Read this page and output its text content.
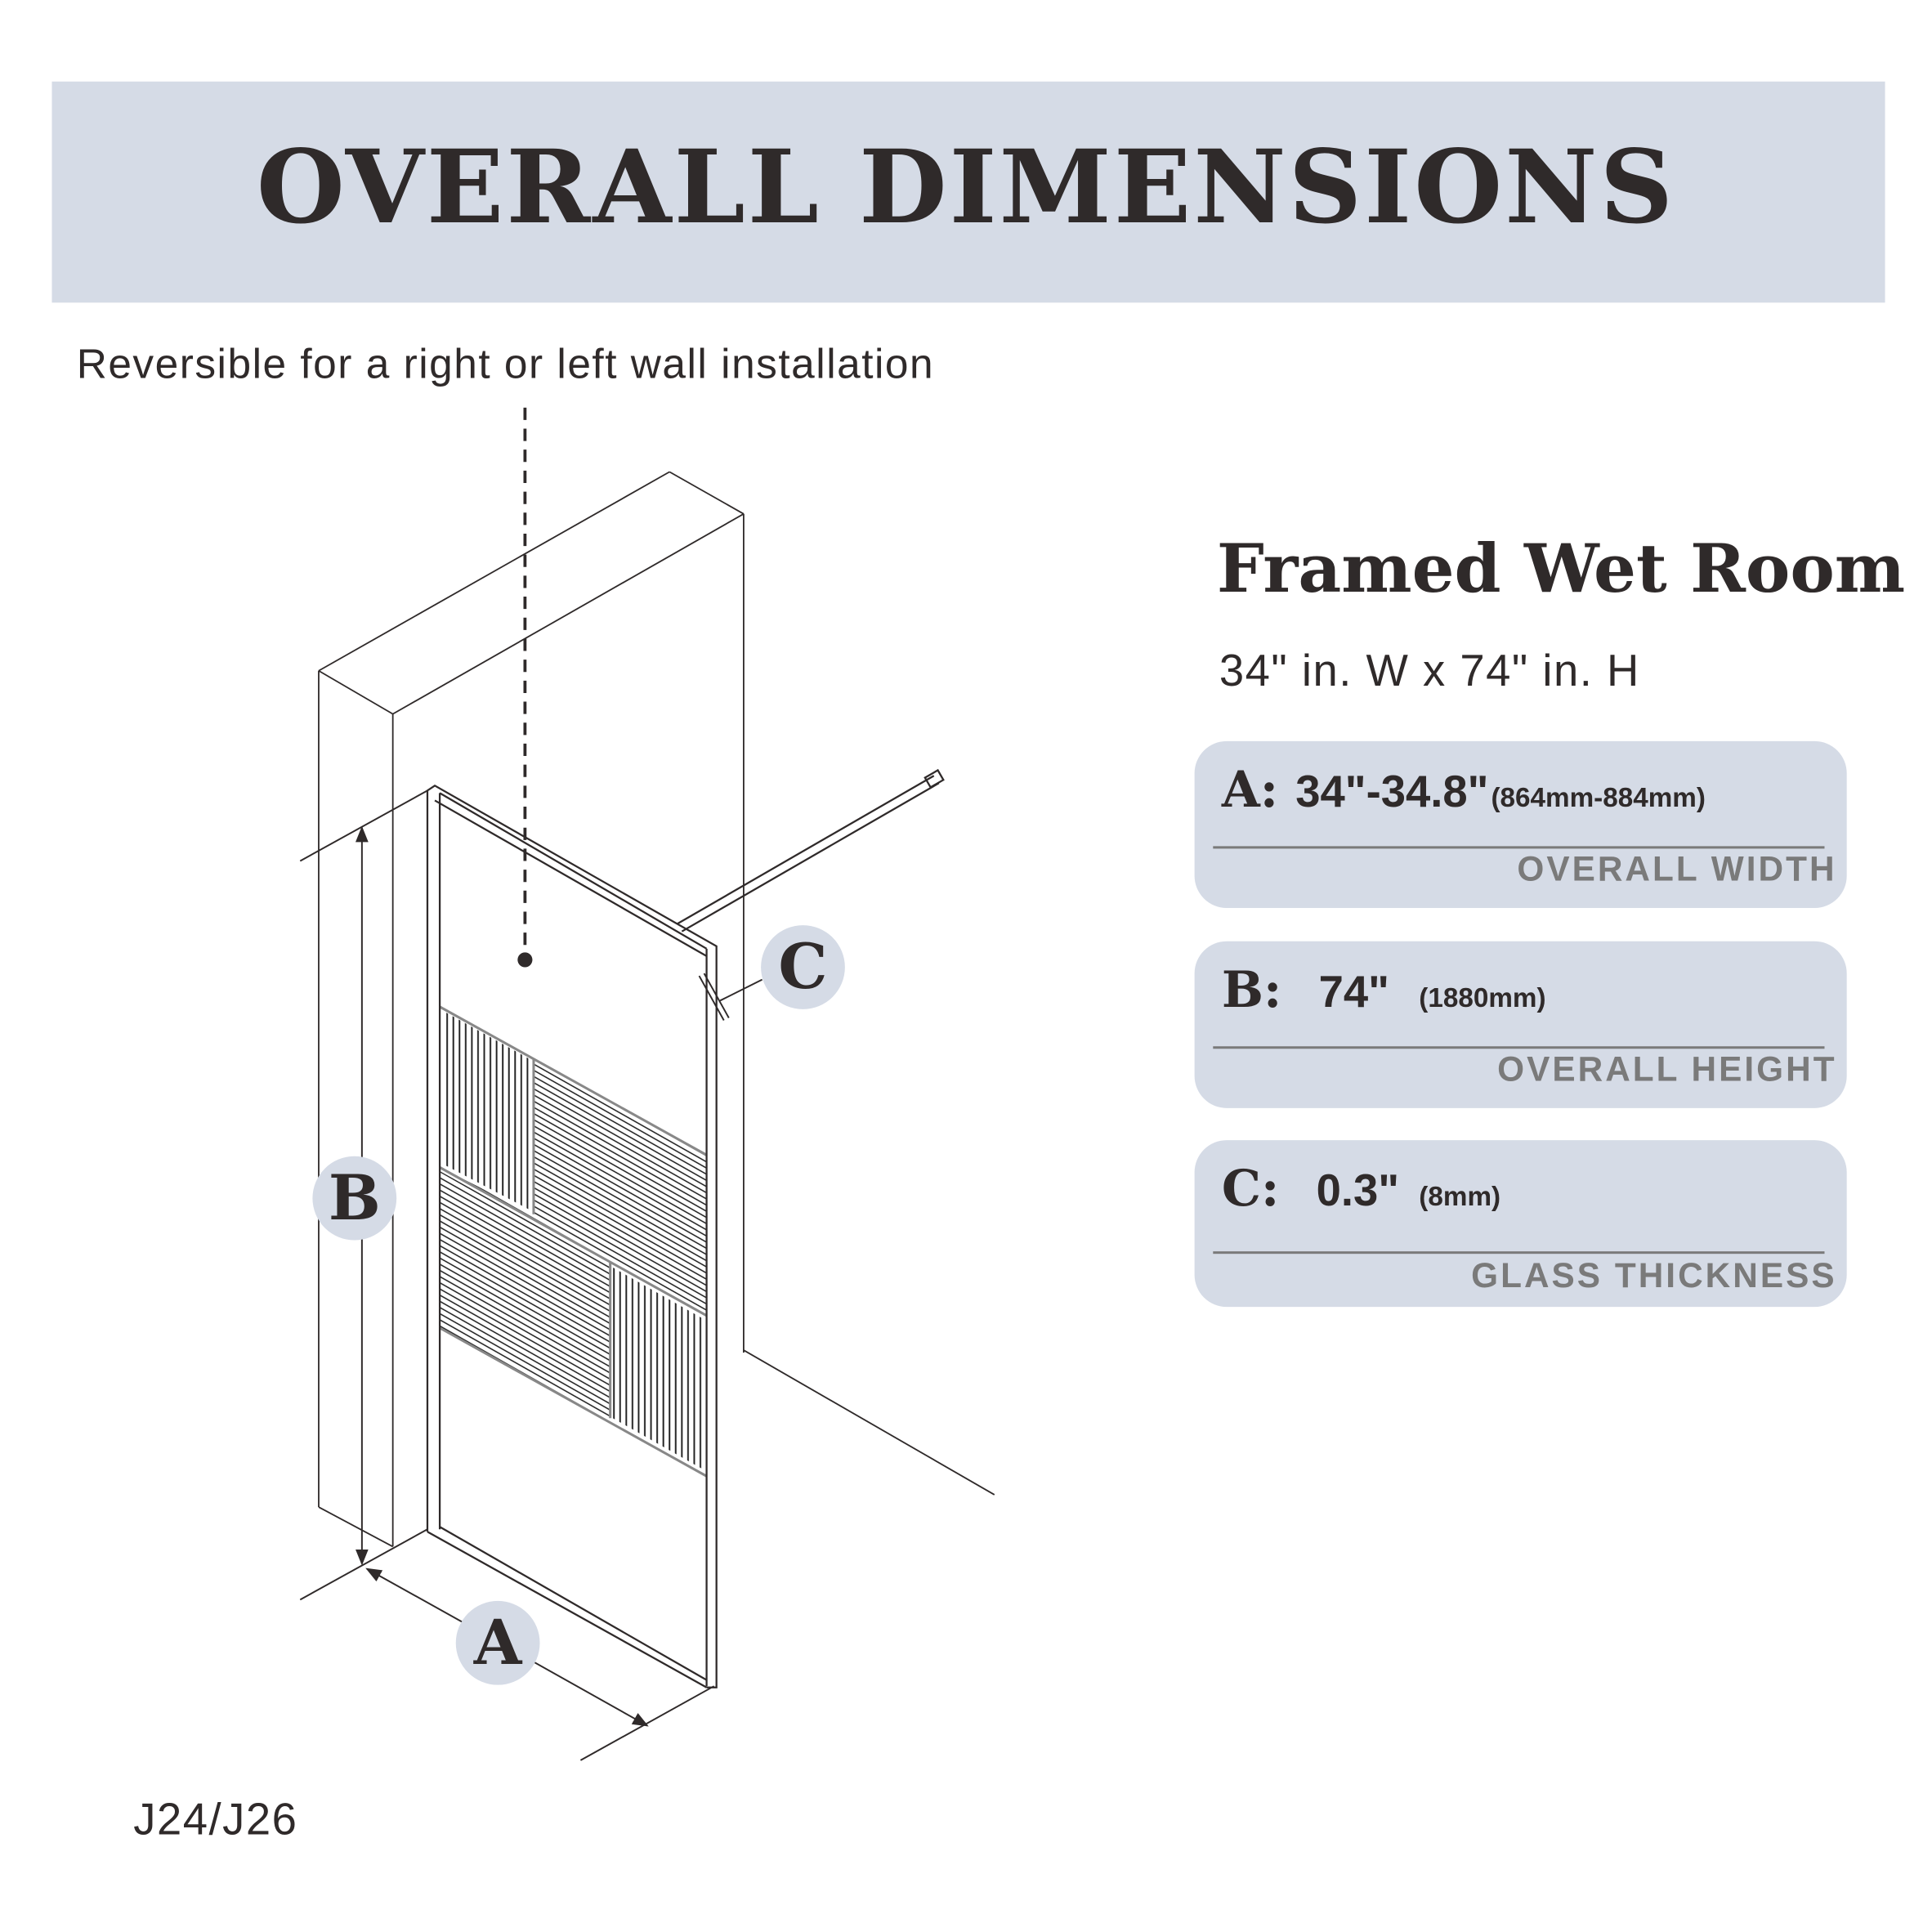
OVERALL DIMENSIONS
Reversible for a right or left wall installation
B
A
C
Framed Wet Room
34" in. W x 74" in. H
A: 34"-34.8" (864mm-884mm)
OVERALL WIDTH
B: 74" (1880mm)
OVERALL HEIGHT
C: 0.3" (8mm)
GLASS THICKNESS
J24/J26
